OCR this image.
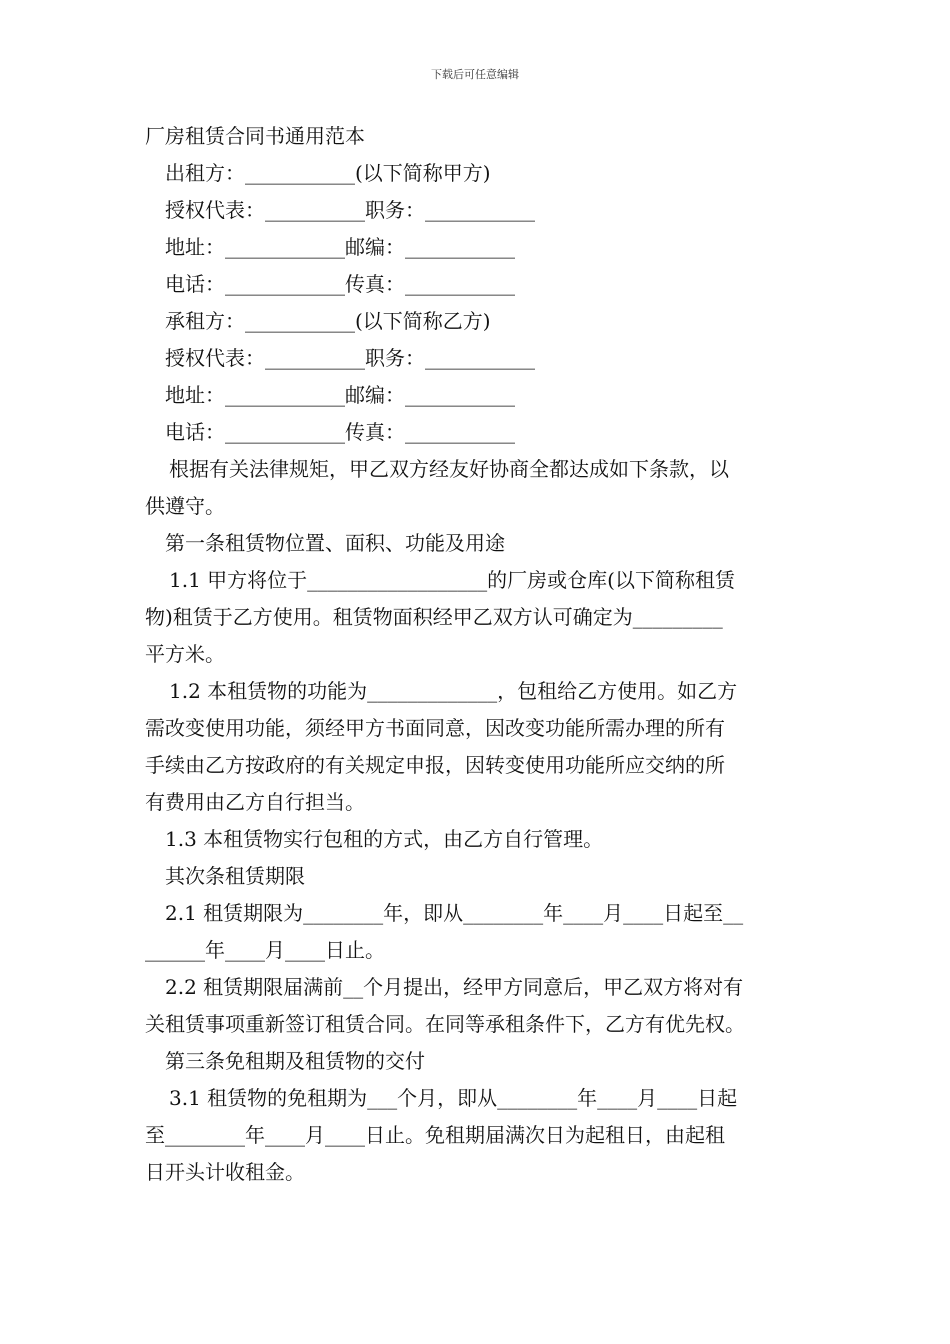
下载后可任意编辑

厂房租赁合同书通用范本

出租方：___________(以下简称甲方)

授权代表：__________职务：___________

地址：____________邮编：___________

电话：____________传真：___________

承租方：___________(以下简称乙方)

授权代表：__________职务：___________

地址：____________邮编：___________

电话：____________传真：___________

根据有关法律规矩，甲乙双方经友好协商全都达成如下条款，以

供遵守。

第一条租赁物位置、面积、功能及用途

1.1 甲方将位于__________________的厂房或仓库(以下简称租赁

物)租赁于乙方使用。租赁物面积经甲乙双方认可确定为_________

平方米。

1.2 本租赁物的功能为_____________，包租给乙方使用。如乙方

需改变使用功能，须经甲方书面同意，因改变功能所需办理的所有

手续由乙方按政府的有关规定申报，因转变使用功能所应交纳的所

有费用由乙方自行担当。

1.3 本租赁物实行包租的方式，由乙方自行管理。

其次条租赁期限

2.1 租赁期限为________年，即从________年____月____日起至__

______年____月____日止。

2.2 租赁期限届满前__个月提出，经甲方同意后，甲乙双方将对有

关租赁事项重新签订租赁合同。在同等承租条件下，乙方有优先权。

第三条免租期及租赁物的交付

3.1 租赁物的免租期为___个月，即从________年____月____日起

至________年____月____日止。免租期届满次日为起租日，由起租

日开头计收租金。
